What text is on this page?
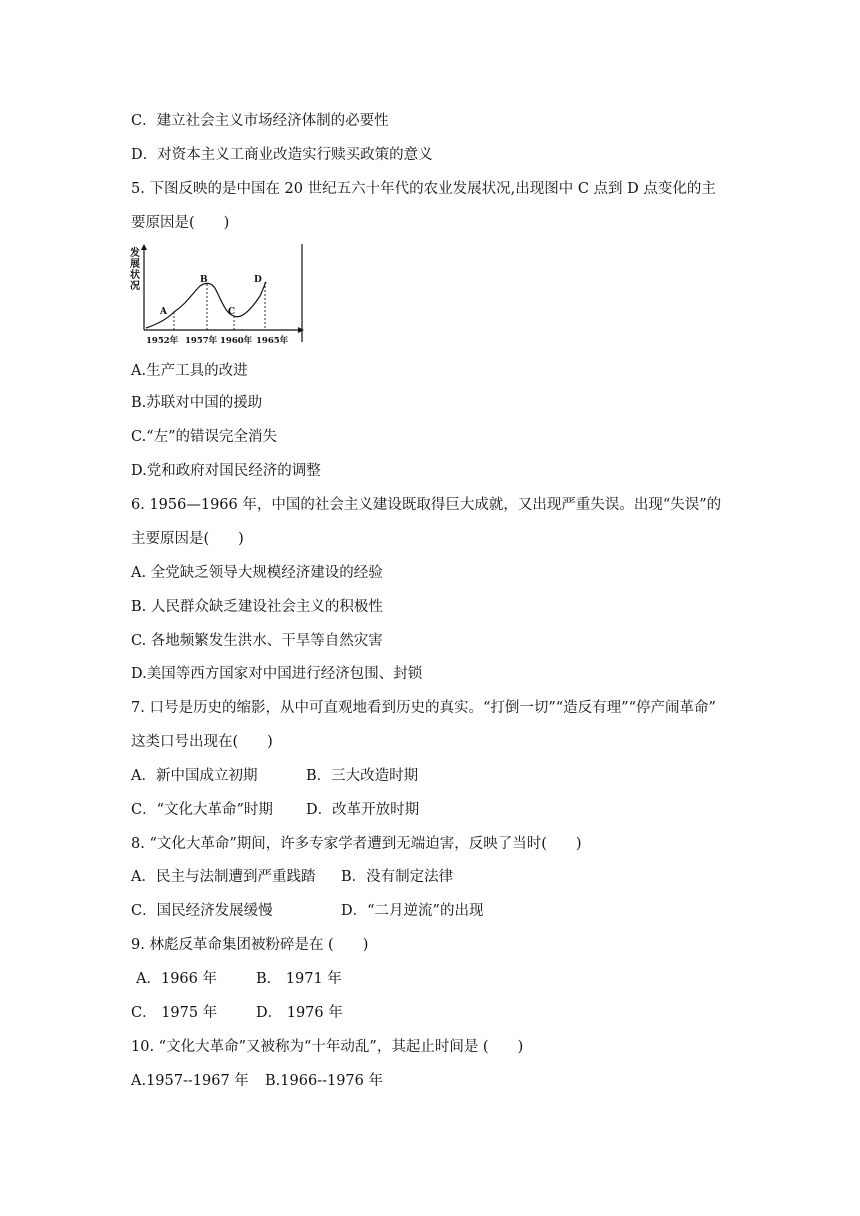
C．建立社会主义市场经济体制的必要性
D．对资本主义工商业改造实行赎买政策的意义
5. 下图反映的是中国在 20 世纪五六十年代的农业发展状况,出现图中 C 点到 D 点变化的主
要原因是(　　)
发展状况
A
B
C
D
1952年 1957年 1960年 1965年
A.生产工具的改进
B.苏联对中国的援助
C.“左”的错误完全消失
D.党和政府对国民经济的调整
6. 1956—1966 年，中国的社会主义建设既取得巨大成就，又出现严重失误。出现“失误”的
主要原因是(　　)
A. 全党缺乏领导大规模经济建设的经验
B. 人民群众缺乏建设社会主义的积极性
C. 各地频繁发生洪水、干旱等自然灾害
D.美国等西方国家对中国进行经济包围、封锁
7. 口号是历史的缩影，从中可直观地看到历史的真实。“打倒一切”“造反有理”“停产闹革命”
这类口号出现在(　　)
A．新中国成立初期	B．三大改造时期
C．“文化大革命”时期 D．改革开放时期
8. “文化大革命”期间，许多专家学者遭到无端迫害，反映了当时(　　)
A．民主与法制遭到严重践踏 B．没有制定法律
C．国民经济发展缓慢	D．“二月逆流”的出现
9. 林彪反革命集团被粉碎是在 (　　)
A．1966 年	B． 1971 年
C． 1975 年	D． 1976 年
10. “文化大革命”又被称为“十年动乱”，其起止时间是 (　　)
A.1957--1967 年 B.1966--1976 年
